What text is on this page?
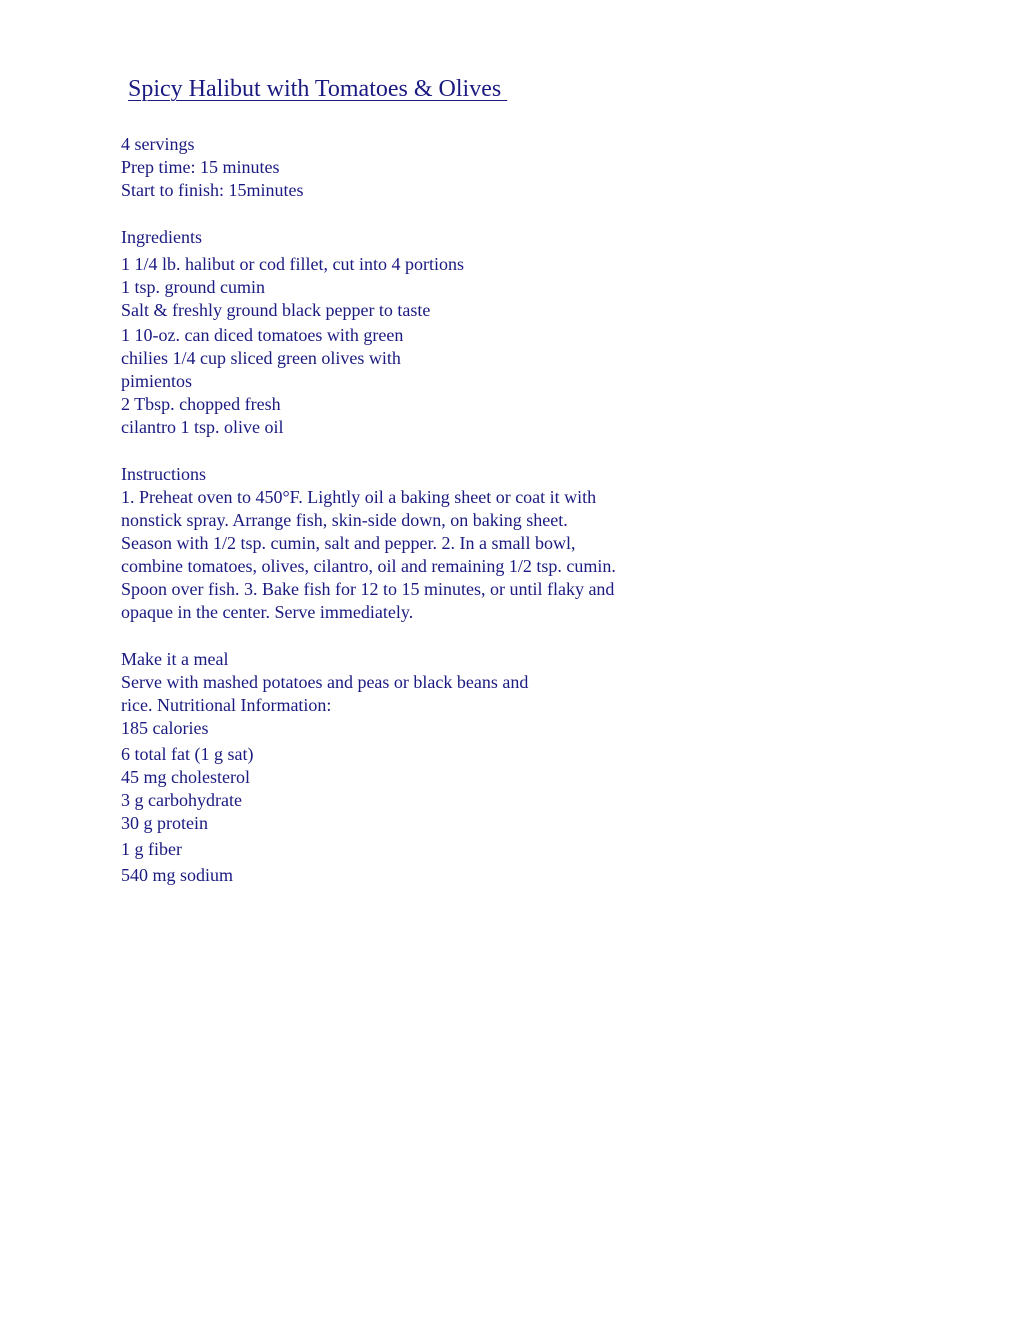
Spicy Halibut with Tomatoes & Olives
4 servings
Prep time: 15 minutes
Start to finish: 15minutes
Ingredients
1 1/4 lb. halibut or cod fillet, cut into 4 portions
1 tsp. ground cumin
Salt & freshly ground black pepper to taste
1 10-oz. can diced tomatoes with green
chilies 1/4 cup sliced green olives with
pimientos
2 Tbsp. chopped fresh
cilantro 1 tsp. olive oil
Instructions
1. Preheat oven to 450°F. Lightly oil a baking sheet or coat it with
nonstick spray. Arrange fish, skin-side down, on baking sheet.
Season with 1/2 tsp. cumin, salt and pepper. 2. In a small bowl,
combine tomatoes, olives, cilantro, oil and remaining 1/2 tsp. cumin.
Spoon over fish. 3. Bake fish for 12 to 15 minutes, or until flaky and
opaque in the center. Serve immediately.
Make it a meal
Serve with mashed potatoes and peas or black beans and
rice. Nutritional Information:
185 calories
6 total fat (1 g sat)
45 mg cholesterol
3 g carbohydrate
30 g protein
1 g fiber
540 mg sodium
